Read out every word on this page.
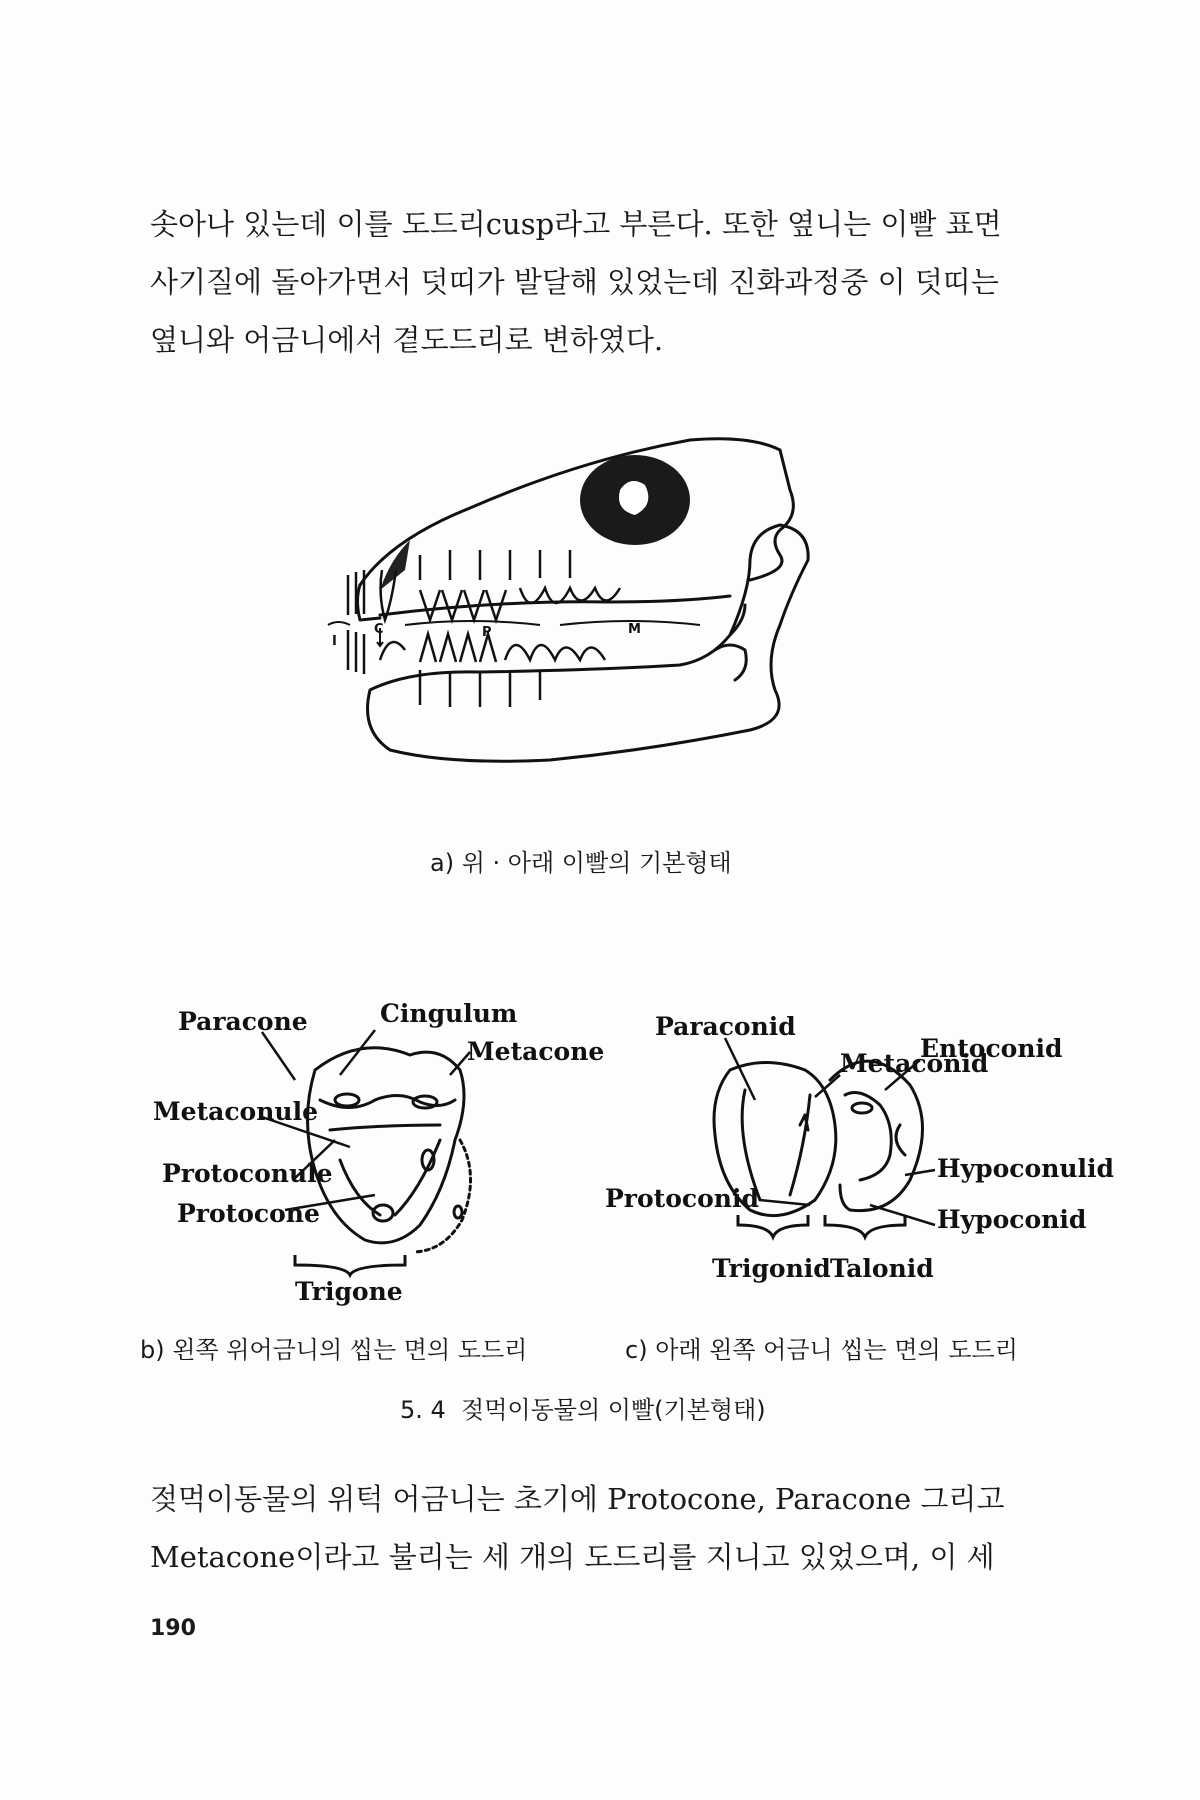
솟아나 있는데 이를 도드리cusp라고 부른다. 또한 옆니는 이빨 표면
사기질에 돌아가면서 덧띠가 발달해 있었는데 진화과정중 이 덧띠는
옆니와 어금니에서 곁도드리로 변하였다.

I
C	P	M
a) 위 · 아래 이빨의 기본형태
Cingulum
Paracone
Metacone
Metaconule
Protoconule
Protocone
Trigone
Paraconid
Metaconid
Entoconid
Hypoconulid
Protoconid
Hypoconid
Trigonid Talonid
b) 왼쪽 위어금니의 씹는 면의 도드리	c) 아래 왼쪽 어금니 씹는 면의 도드리
5. 4  젖먹이동물의 이빨(기본형태)

젖먹이동물의 위턱 어금니는 초기에 Protocone, Paracone 그리고
Metacone이라고 불리는 세 개의 도드리를 지니고 있었으며, 이 세

190
